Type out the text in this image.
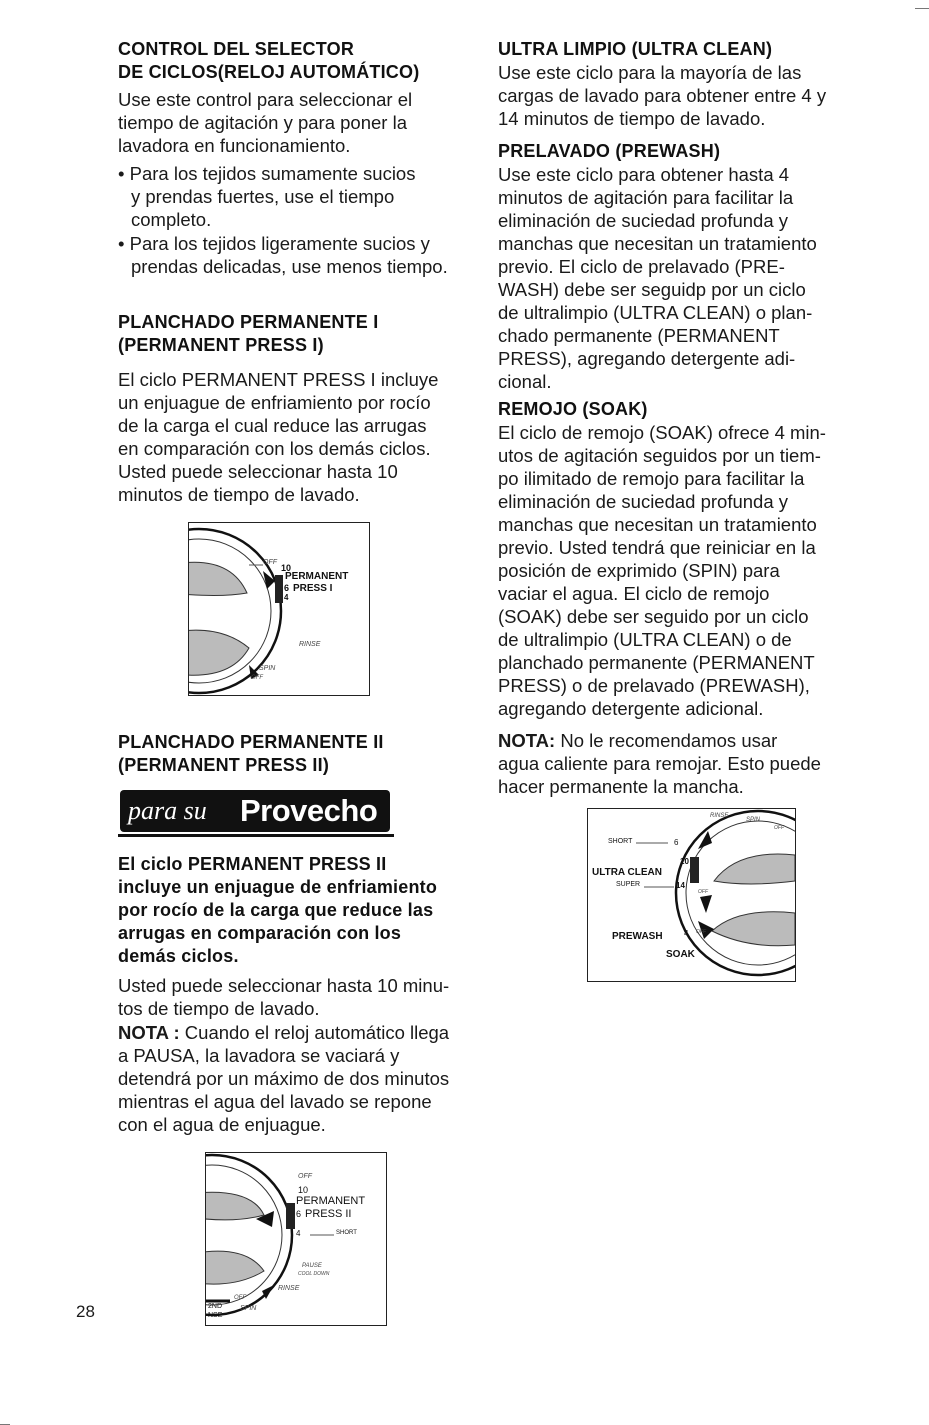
CONTROL DEL SELECTOR
DE CICLOS(RELOJ AUTOMÁTICO)

Use este control para seleccionar el
tiempo de agitación y para poner la
lavadora en funcionamiento.

• Para los tejidos sumamente sucios
y prendas fuertes, use el tiempo
completo.

• Para los tejidos ligeramente sucios y
prendas delicadas, use menos tiempo.

PLANCHADO PERMANENTE I
(PERMANENT PRESS I)

El ciclo PERMANENT PRESS I incluye
un enjuague de enfriamiento por rocío
de la carga el cual reduce las arrugas
en comparación con los demás ciclos.
Usted puede seleccionar hasta 10
minutos de tiempo de lavado.

PLANCHADO PERMANENTE II
(PERMANENT PRESS II)
El ciclo PERMANENT PRESS II
incluye un enjuague de enfriamiento
por rocío de la carga que reduce las
arrugas en comparación con los
demás ciclos.

Usted puede seleccionar hasta 10 minu-
tos de tiempo de lavado.

NOTA : Cuando el reloj automático llega
a PAUSA, la lavadora se vaciará y
detendrá por un máximo de dos minutos
mientras el agua del lavado se repone
con el agua de enjuague.

para su Provecho
OFF
10
PERMANENT
6 PRESS I
4
RINSE
SPIN
OFF
OFF
10
PERMANENT
6 PRESS II
4	SHORT
PAUSE
COOL DOWN
RINSE
OFF
SPIN
2ND
NSE
ULTRA LIMPIO (ULTRA CLEAN)

Use este ciclo para la mayoría de las
cargas de lavado para obtener entre 4 y
14 minutos de tiempo de lavado.

PRELAVADO (PREWASH)

Use este ciclo para obtener hasta 4
minutos de agitación para facilitar la
eliminación de suciedad profunda y
manchas que necesitan un tratamiento
previo. El ciclo de prelavado (PRE-
WASH) debe ser seguidp por un ciclo
de ultralimpio (ULTRA CLEAN) o plan-
chado permanente (PERMANENT
PRESS), agregando detergente adi-
cional.

REMOJO (SOAK)

El ciclo de remojo (SOAK) ofrece 4 min-
utos de agitación seguidos por un tiem-
po ilimitado de remojo para facilitar la
eliminación de suciedad profunda y
manchas que necesitan un tratamiento
previo. Usted tendrá que reiniciar en la
posición de exprimido (SPIN) para
vaciar el agua. El ciclo de remojo
(SOAK) debe ser seguido por un ciclo
de ultralimpio (ULTRA CLEAN) o de
planchado permanente (PERMANENT
PRESS) o de prelavado (PREWASH),
agregando detergente adicional.

NOTA: No le recomendamos usar
agua caliente para remojar. Esto puede
hacer permanente la mancha.

RINSE
SPIN
OFF
SHORT	6
10
ULTRA CLEAN
SUPER	14
OFF
PREWASH	4 OFF
SOAK
28
